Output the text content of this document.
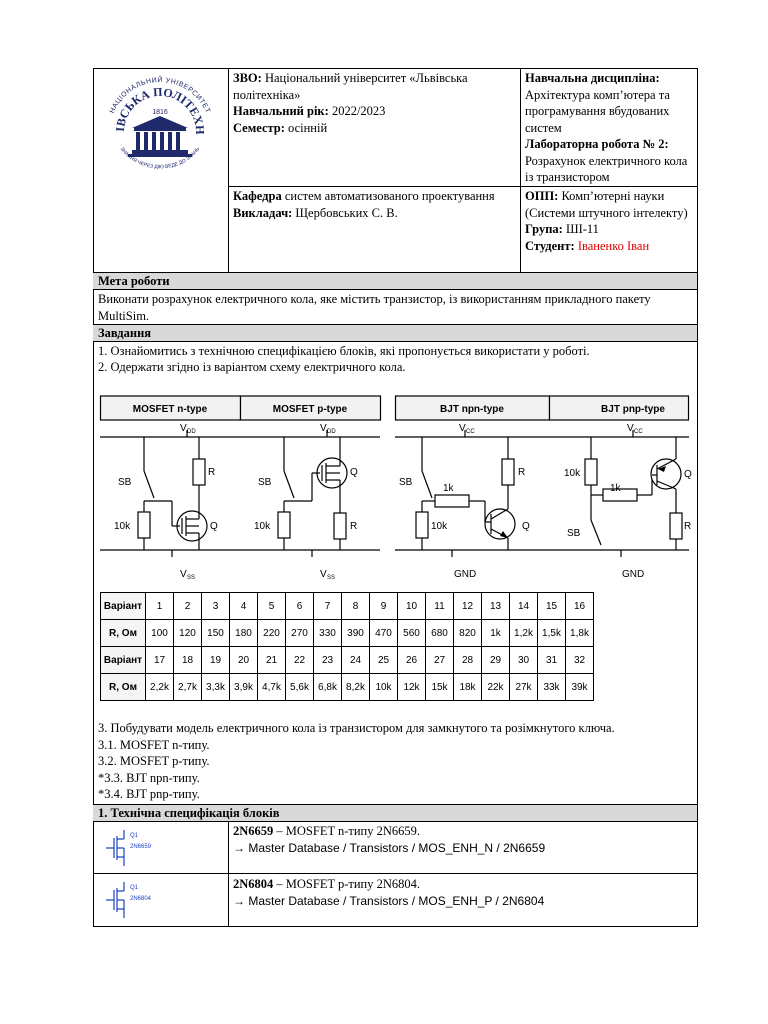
НАЦІОНАЛЬНИЙ УНІВЕРСИТЕТ
ІВСЬКА ПОЛІТЕХН
1816
ЗНАННЯ ЧЕРЕЗ ДІЮ ВЕДЕ ДО ЗНАНЬ
ЗВО: Національний університет «Львівська політехніка»
Навчальний рік: 2022/2023
Семестр: осінній
Навчальна дисципліна:
Архітектура комп’ютера та програмування вбудованих систем
Лабораторна робота № 2:
Розрахунок електричного кола із транзистором
Кафедра систем автоматизованого проектування
Викладач: Щербовських С. В.
ОПП: Комп’ютерні науки (Системи штучного інтелекту)
Група: ШІ-11
Студент: Іваненко Іван
Мета роботи
Виконати розрахунок електричного кола, яке містить транзистор, із використанням прикладного пакету MultiSim.
Завдання
1. Ознайомитись з технічною специфікацією блоків, які пропонується використати у роботі.
2. Одержати згідно із варіантом схему електричного кола.
MOSFET n-type	MOSFET p-type	BJT npn-type	BJT pnp-type
V DD
V SS
SB
10k
R
Q
V DD
V SS
SB
10k	R
Q
V CC
GND
SB
10k
1k
R
Q
V CC
GND
10k
SB
1k
Q
R
Варіант	1	2	3	4	5	6	7	8	9	10	11	12	13	14	15	16
R, Ом	100	120	150	180	220	270	330	390	470	560	680	820	1k	1,2k	1,5k	1,8k
Варіант	17	18	19	20	21	22	23	24	25	26	27	28	29	30	31	32
R, Ом	2,2k	2,7k	3,3k	3,9k	4,7k	5,6k	6,8k	8,2k	10k	12k	15k	18k	22k	27k	33k	39k
3. Побудувати модель електричного кола із транзистором для замкнутого та розімкнутого ключа.
3.1. MOSFET n-типу.
3.2. MOSFET p-типу.
*3.3. BJT npn-типу.
*3.4. BJT pnp-типу.
1. Технічна специфікація блоків
Q1
2N6659
2N6659 – MOSFET n-типу 2N6659.
→ Master Database / Transistors / MOS_ENH_N / 2N6659
Q1
2N6804
2N6804 – MOSFET p-типу 2N6804.
→ Master Database / Transistors / MOS_ENH_P / 2N6804
